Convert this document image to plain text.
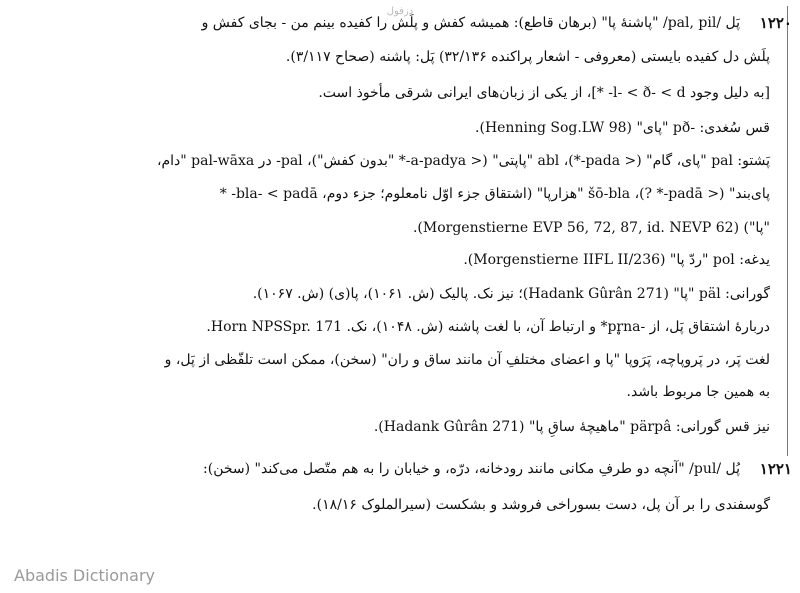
دزفول
۱۲۲۰
پَل /pal, pil/ "پاشنهٔ پا" (برهان قاطع): همیشه کفش و پلَش را کفیده بینم من - بجای کفش و
پلَش دل کفیده بایستی (معروفی - اشعار پراکنده ۳۲/۱۳۶) پَل: پاشنه (صحاح ۳/۱۱۷).
[به دلیل وجود l- < ð- < d- *]، از یکی از زبان‌های ایرانی شرقی مأخوذ است.
قس سُغدی: -pð "پای" (Henning Sog.LW 98).
پَشتو: pal "پای، گام" (< pada-*)، abl "پاپتی" (< a-padya-* "بدون کفش")، pal- در pal-wāxa "دام،
پای‌بند" (< padā-* ?)، šō-bla "هزارپا" (اشتقاق جزء اوّل نامعلوم؛ جزء دوم، bla- < padā- *
"پا") (Morgenstierne EVP 56, 72, 87, id. NEVP 62).
یدغه: pol "ردّ پا" (Morgenstierne IIFL II/236).
گورانی: päl "پا" (Hadank Gûrân 271)؛ نیز نک. پالیک (ش. ۱۰۶۱)، پا(ی) (ش. ۱۰۶۷).
دربارهٔ اشتقاق پَل، از -pr̥na* و ارتباط آن، با لغت پاشنه (ش. ۱۰۴۸)، نک. Horn NPSSpr. 171.
لغت پَر، در پَروپاچه، پَرَوپا "پا و اعضای مختلفِ آن مانند ساق و ران" (سخن)، ممکن است تلفّظی از پَل، و
به همین جا مربوط باشد.
نیز قس گورانی: pärpâ "ماهیچهٔ ساقِ پا" (Hadank Gûrân 271).
۱۲۲۱
پُل /pul/ "آنچه دو طرفِ مکانی مانند رودخانه، درّه، و خیابان را به هم متّصل می‌کند" (سخن):
گوسفندی را بر آن پل، دست بسوراخی فروشد و بشکست (سیرالملوک ۱۸/۱۶).
Abadis Dictionary
